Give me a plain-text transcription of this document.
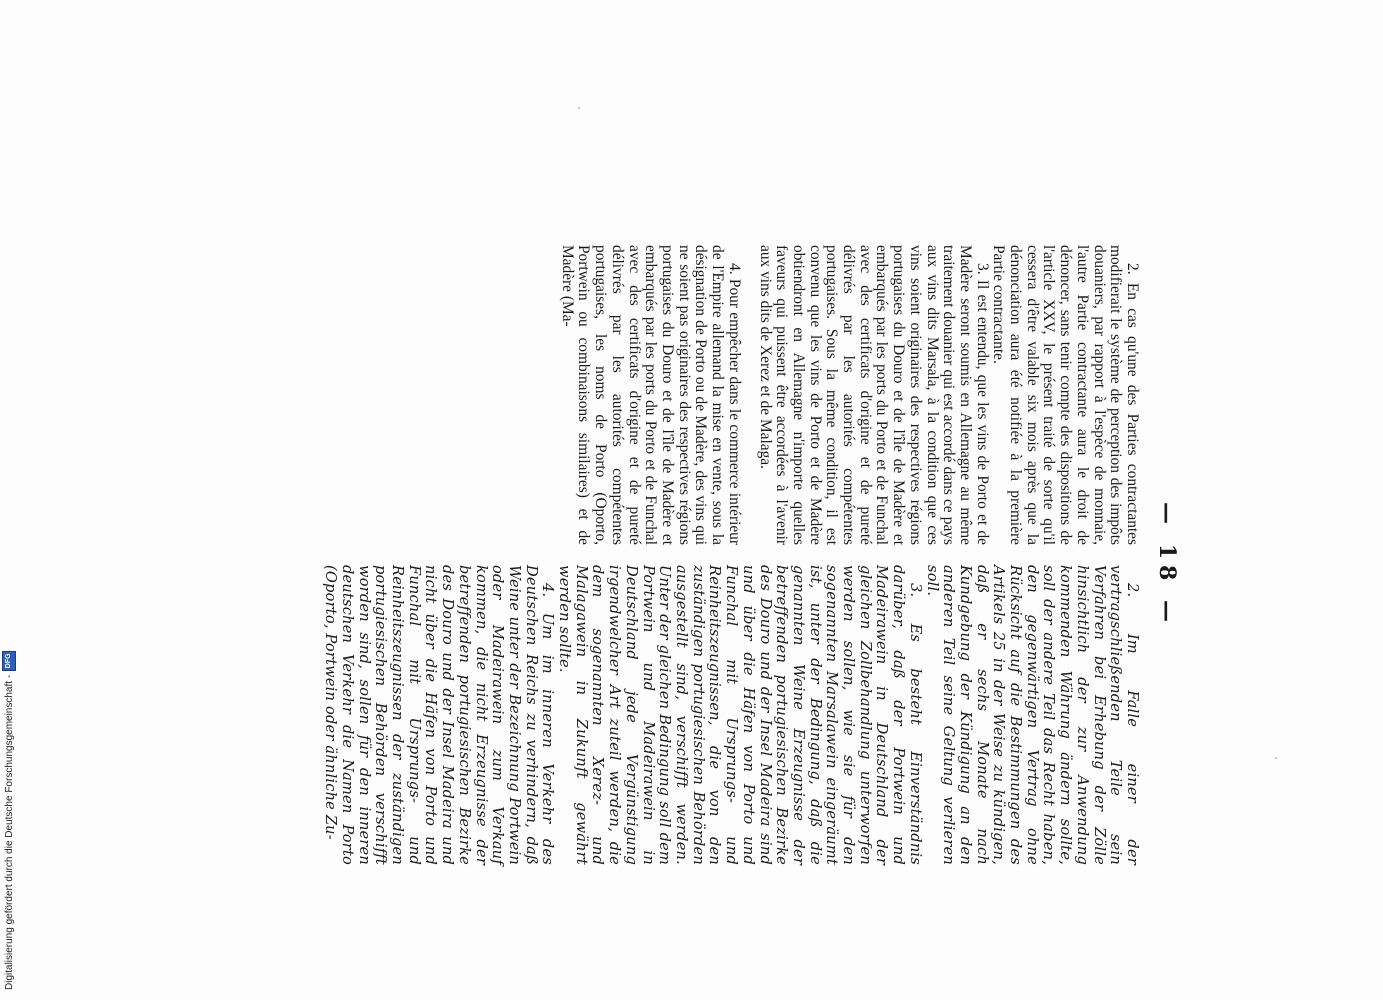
— 18 —

2. En cas qu'une des Parties contractantes modifierait le système de perception des impôts douaniers, par rapport à l'espèce de monnaie, l'autre Partie contractante aura le droit de dénoncer, sans tenir compte des dispositions de l'article XXV, le présent traité de sorte qu'il cessera d'être valable six mois après que la dénonciation aura été notifiée à la première Partie contractante.

3. Il est entendu, que les vins de Porto et de Madère seront soumis en Allemagne au même traitement douanier qui est accordé dans ce pays aux vins dits Marsala, à la condition que ces vins soient originaires des respectives régions portugaises du Douro et de l'île de Madère et embarqués par les ports du Porto et de Funchal avec des certificats d'origine et de pureté délivrés par les autorités compétentes portugaises. Sous la même condition, il est convenu que les vins de Porto et de Madère obtiendront en Allemagne n'importe quelles faveurs qui puissent être accordées à l'avenir aux vins dits de Xerez et de Malaga.

4. Pour empêcher dans le commerce intérieur de l'Empire allemand la mise en vente, sous la désignation de Porto ou de Madère, des vins qui ne soient pas originaires des respectives régions portugaises du Douro et de l'île de Madère et embarqués par les ports du Porto et de Funchal avec des certificats d'origine et de pureté délivrés par les autorités compétentes portugaises, les noms de Porto (Oporto, Portwein ou combinaisons similaires) et de Madère (Ma-

2. Im Falle einer der vertragschließenden Teile sein Verfahren bei Erhebung der Zölle hinsichtlich der zur Anwendung kommenden Währung ändern sollte, soll der andere Teil das Recht haben, den gegenwärtigen Vertrag ohne Rücksicht auf die Bestimmungen des Artikels 25 in der Weise zu kündigen, daß er sechs Monate nach Kundgebung der Kündigung an den anderen Teil seine Geltung verlieren soll.

3. Es besteht Einverständnis darüber, daß der Portwein und Madeirawein in Deutschland der gleichen Zollbehandlung unterworfen werden sollen, wie sie für den sogenannten Marsalawein eingeräumt ist, unter der Bedingung, daß die genannten Weine Erzeugnisse der betreffenden portugiesischen Bezirke des Douro und der Insel Madeira sind und über die Häfen von Porto und Funchal mit Ursprungs- und Reinheitszeugnissen, die von den zuständigen portugiesischen Behörden ausgestellt sind, verschifft werden. Unter der gleichen Bedingung soll dem Portwein und Madeirawein in Deutschland jede Vergünstigung irgendwelcher Art zuteil werden, die dem sogenannten Xerez- und Malagawein in Zukunft gewährt werden sollte.

4. Um im inneren Verkehr des Deutschen Reichs zu verhindern, daß Weine unter der Bezeichnung Portwein oder Madeirawein zum Verkauf kommen, die nicht Erzeugnisse der betreffenden portugiesischen Bezirke des Douro und der Insel Madeira und nicht über die Häfen von Porto und Funchal mit Ursprungs- und Reinheitszeugnissen der zuständigen portugiesischen Behörden verschifft worden sind, sollen für den inneren deutschen Verkehr die Namen Porto (Oporto, Portwein oder ähnliche Zu-

Digitalisierung gefördert durch die Deutsche Forschungsgemeinschaft -
DFG
